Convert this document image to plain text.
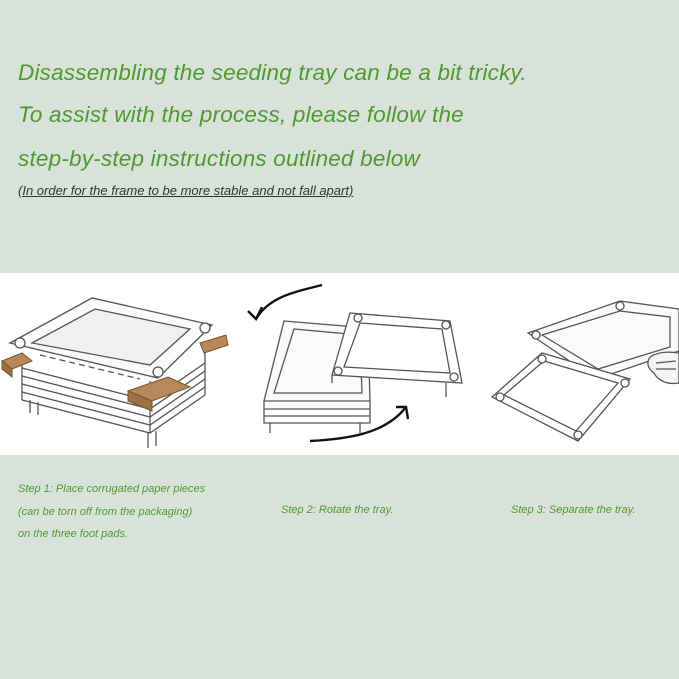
Disassembling the seeding tray can be a bit tricky.
To assist with the process, please follow the
step-by-step instructions outlined below
(In order for the frame to be more stable and not fall apart)
Step 1: Place corrugated paper pieces
(can be torn off from the packaging)
on the three foot pads.
Step 2: Rotate the tray.	Step 3: Separate the tray.
